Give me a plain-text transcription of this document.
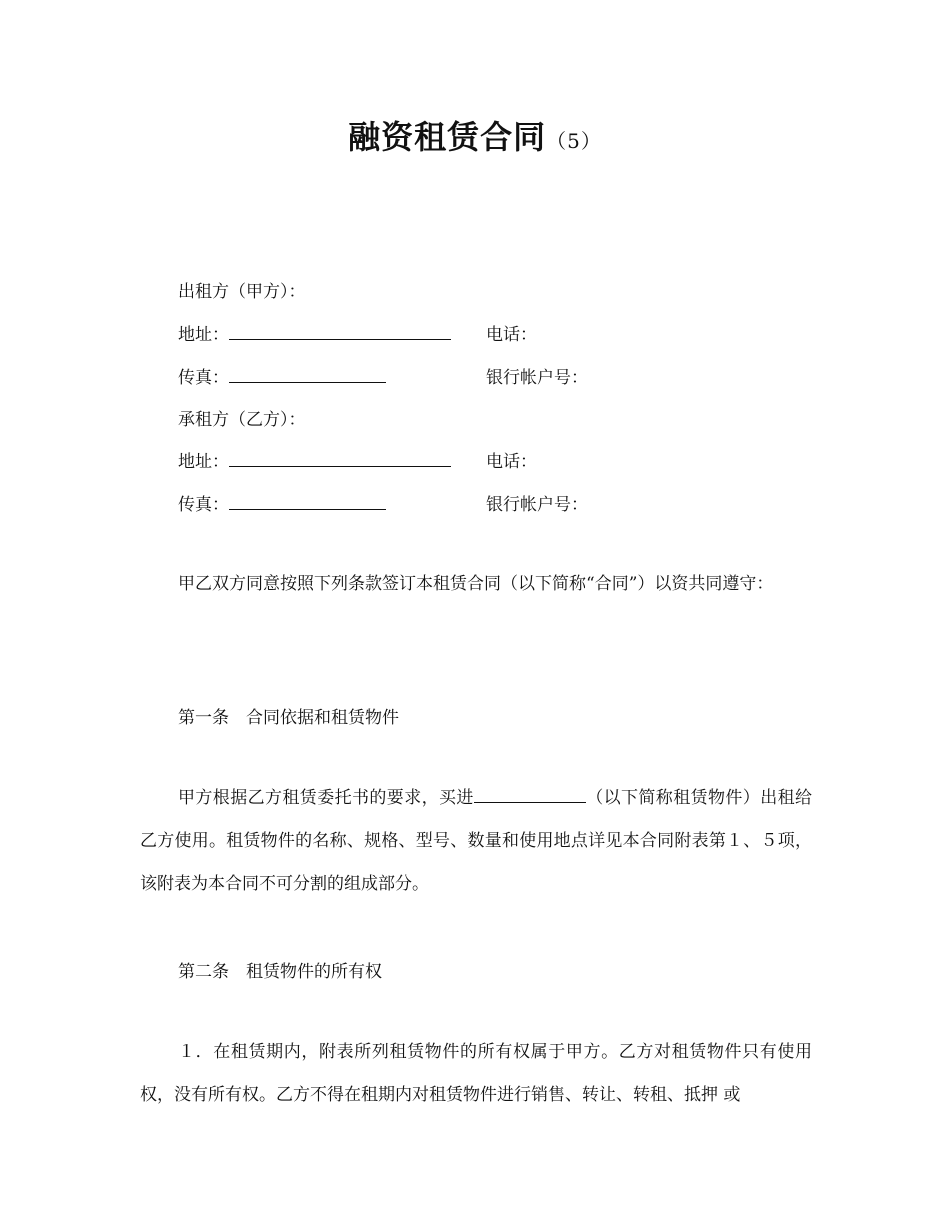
融资租赁合同（5）
出租方（甲方）：
地址：	电话：
传真：	银行帐户号：
承租方（乙方）：
地址：	电话：
传真：	银行帐户号：
甲乙双方同意按照下列条款签订本租赁合同（以下简称“合同”）以资共同遵守：
第一条　合同依据和租赁物件
甲方根据乙方租赁委托书的要求，买进	（以下简称租赁物件）出租给 乙方使用。租赁物件的名称、规格、型号、数量和使用地点详见本合同附表第１、５项，该附表为本合同不可分割的组成部分。
第二条　租赁物件的所有权
１．在租赁期内，附表所列租赁物件的所有权属于甲方。乙方对租赁物件只有使用权，没有所有权。乙方不得在租期内对租赁物件进行销售、转让、转租、抵押 或
